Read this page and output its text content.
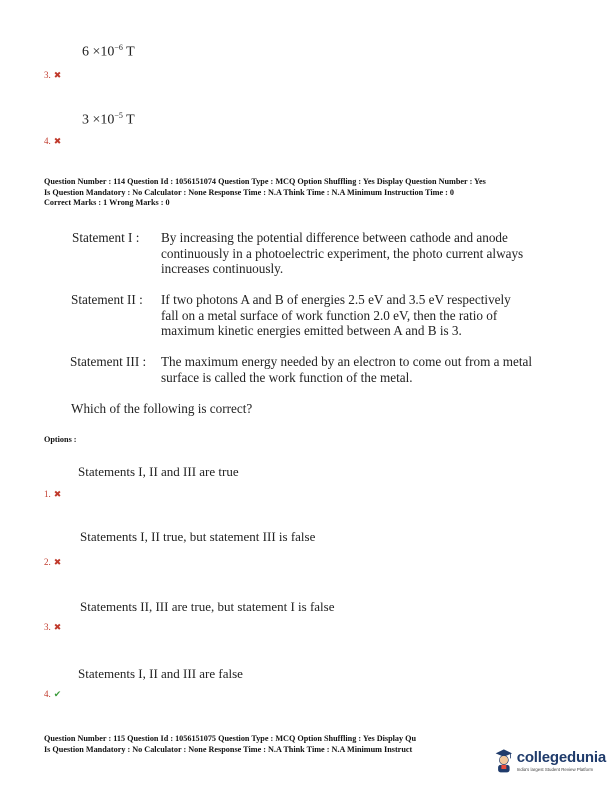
$6 \times 10^{-6}$ T
3. ✖
$3 \times 10^{-5}$ T
4. ✖
Question Number : 114 Question Id : 1056151074 Question Type : MCQ Option Shuffling : Yes Display Question Number : Yes
Is Question Mandatory : No Calculator : None Response Time : N.A Think Time : N.A Minimum Instruction Time : 0
Correct Marks : 1 Wrong Marks : 0
Statement I : By increasing the potential difference between cathode and anode
continuously in a photoelectric experiment, the photo current always
increases continuously.
Statement II : If two photons A and B of energies 2.5 eV and 3.5 eV respectively
fall on a metal surface of work function 2.0 eV, then the ratio of
maximum kinetic energies emitted between A and B is 3.
Statement III : The maximum energy needed by an electron to come out from a metal
surface is called the work function of the metal.
Which of the following is correct?
Options :
Statements I, II and III are true
1. ✖
Statements I, II true, but statement III is false
2. ✖
Statements II, III are true, but statement I is false
3. ✖
Statements I, II and III are false
4. ✔
Question Number : 115 Question Id : 1056151075 Question Type : MCQ Option Shuffling : Yes Display Qu
Is Question Mandatory : No Calculator : None Response Time : N.A Think Time : N.A Minimum Instruct	collegedunia
India's largest Student Review Platform
